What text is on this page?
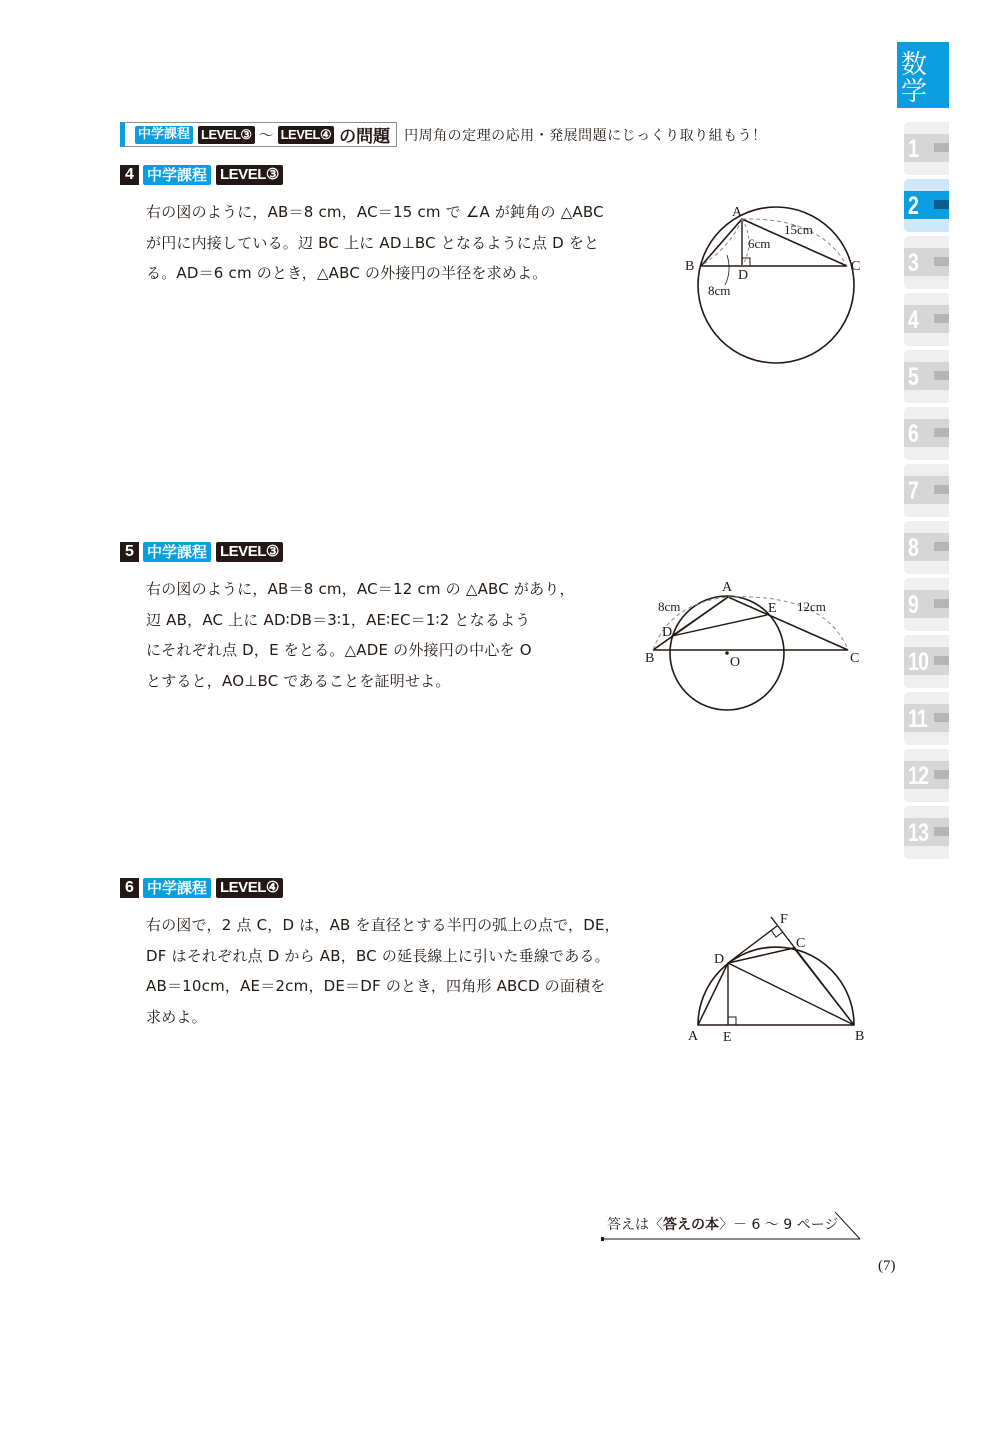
数学
1
2
3
4
5
6
7
8
9
10
11
12
13
中学課程 LEVEL③ ～ LEVEL④ の問題 円周角の定理の応用・発展問題にじっくり取り組もう！
4 中学課程 LEVEL③

右の図のように，AB＝8 cm，AC＝15 cm で ∠A が鈍角の △ABC

が円に内接している。辺 BC 上に AD⊥BC となるように点 D をと

る。AD＝6 cm のとき，△ABC の外接円の半径を求めよ。

A
B	C
D
8cm
15cm
6cm
5 中学課程 LEVEL③

右の図のように，AB＝8 cm，AC＝12 cm の △ABC があり，

辺 AB，AC 上に AD∶DB＝3∶1，AE∶EC＝1∶2 となるよう

にそれぞれ点 D，E をとる。△ADE の外接円の中心を O

とすると，AO⊥BC であることを証明せよ。

A
B	C
D
E
O
8cm	12cm
6 中学課程 LEVEL④

右の図で，2 点 C，D は，AB を直径とする半円の弧上の点で，DE，

DF はそれぞれ点 D から AB，BC の延長線上に引いた垂線である。

AB＝10cm，AE＝2cm，DE＝DF のとき，四角形 ABCD の面積を

求めよ。

F
C
D
A E	B
答えは〈答えの本〉－ 6 ～ 9 ページ
(7)
